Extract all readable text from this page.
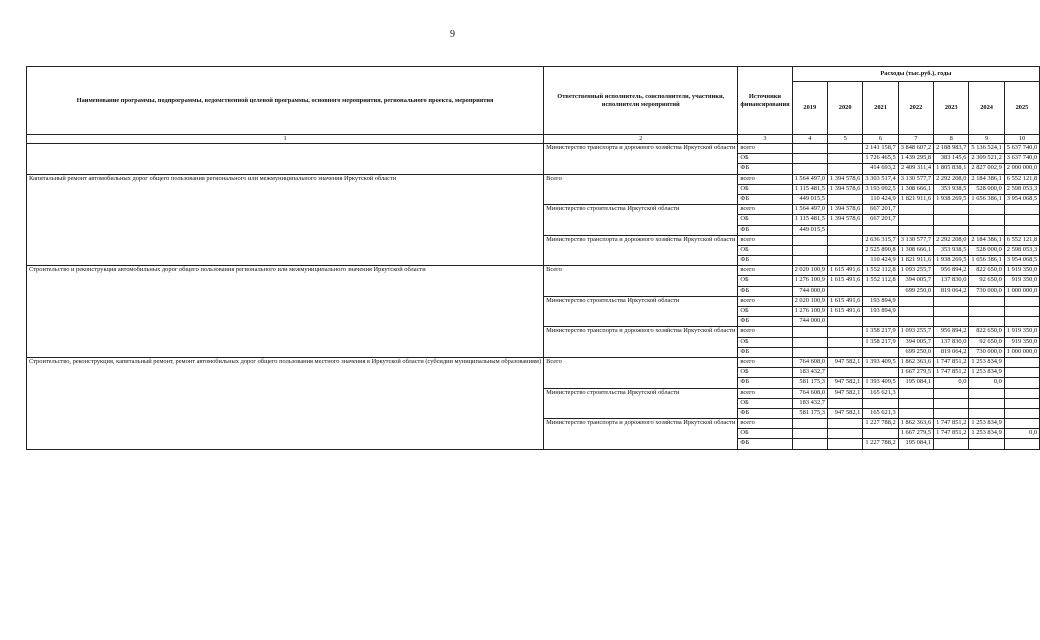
9
Наименование программы, подпрограммы, ведомственной целевой программы, основного мероприятия, регионального проекта, мероприятия	Ответственный исполнитель, соисполнители, участники, исполнители мероприятий	Источники финансирования	Расходы (тыс.руб.), годы						
			2019	2020	2021	2022	2023	2024	2025
1	2	3	4	5	6	7	8	9	10
	Министерство транспорта и дорожного хозяйства Иркутской области	всего			2 141 158,7	3 848 607,2	2 188 983,7	5 136 524,1	5 637 740,0
		ОБ			1 726 465,5	1 439 295,8	383 145,6	2 309 521,2	3 637 740,0
		ФБ			414 693,2	2 409 311,4	1 805 838,1	2 827 002,9	2 000 000,0
Капитальный ремонт автомобильных дорог общего пользования регионального или межмуниципального значения Иркутской области	Всего	всего	1 564 497,0	1 394 578,6	3 303 517,4	3 130 577,7	2 292 208,0	2 184 386,1	6 552 121,8
		ОБ	1 115 481,5	1 394 578,6	3 193 092,5	1 308 666,1	353 938,5	528 000,0	2 598 053,3
		ФБ	449 015,5		110 424,9	1 821 911,6	1 938 269,5	1 656 386,1	3 954 068,5
	Министерство строительства Иркутской области	всего	1 564 497,0	1 394 578,6	667 201,7				
		ОБ	1 115 481,5	1 394 578,6	667 201,7				
		ФБ	449 015,5						
	Министерство транспорта и дорожного хозяйства Иркутской области	всего			2 636 315,7	3 130 577,7	2 292 208,0	2 184 386,1	6 552 121,8
		ОБ			2 525 890,8	1 308 666,1	353 938,5	528 000,0	2 598 053,3
		ФБ			110 424,9	1 821 911,6	1 938 269,5	1 656 386,1	3 954 068,5
Строительство и реконструкция автомобильных дорог общего пользования регионального или межмуниципального значения Иркутской области	Всего	всего	2 020 100,9	1 615 491,6	1 552 112,8	1 093 255,7	956 894,2	822 650,0	1 919 350,0
		ОБ	1 276 100,9	1 615 491,6	1 552 112,8	394 005,7	137 830,0	92 650,0	919 350,0
		ФБ	744 000,0			699 250,0	819 064,2	730 000,0	1 000 000,0
	Министерство строительства Иркутской области	всего	2 020 100,9	1 615 491,6	193 894,9				
		ОБ	1 276 100,9	1 615 491,6	193 894,9				
		ФБ	744 000,0						
	Министерство транспорта и дорожного хозяйства Иркутской области	всего			1 358 217,9	1 093 255,7	956 894,2	822 650,0	1 919 350,0
		ОБ			1 358 217,9	394 005,7	137 830,0	92 650,0	919 350,0
		ФБ				699 250,0	819 064,2	730 000,0	1 000 000,0
Строительство, реконструкция, капитальный ремонт, ремонт автомобильных дорог общего пользования местного значения в Иркутской области (субсидии муниципальным образованиям)	Всего	всего	764 608,0	947 582,1	1 393 409,5	1 862 363,6	1 747 851,2	1 253 834,9	
		ОБ	183 432,7			1 667 279,5	1 747 851,2	1 253 834,9	
		ФБ	581 175,3	947 582,1	1 393 409,5	195 084,1	0,0	0,0	
	Министерство строительства Иркутской области	всего	764 608,0	947 582,1	165 621,3				
		ОБ	183 432,7						
		ФБ	581 175,3	947 582,1	165 621,3				
	Министерство транспорта и дорожного хозяйства Иркутской области	всего			1 227 788,2	1 862 363,6	1 747 851,2	1 253 834,9	
		ОБ				1 667 279,5	1 747 851,2	1 253 834,9	0,0
		ФБ			1 227 788,2	195 084,1			
